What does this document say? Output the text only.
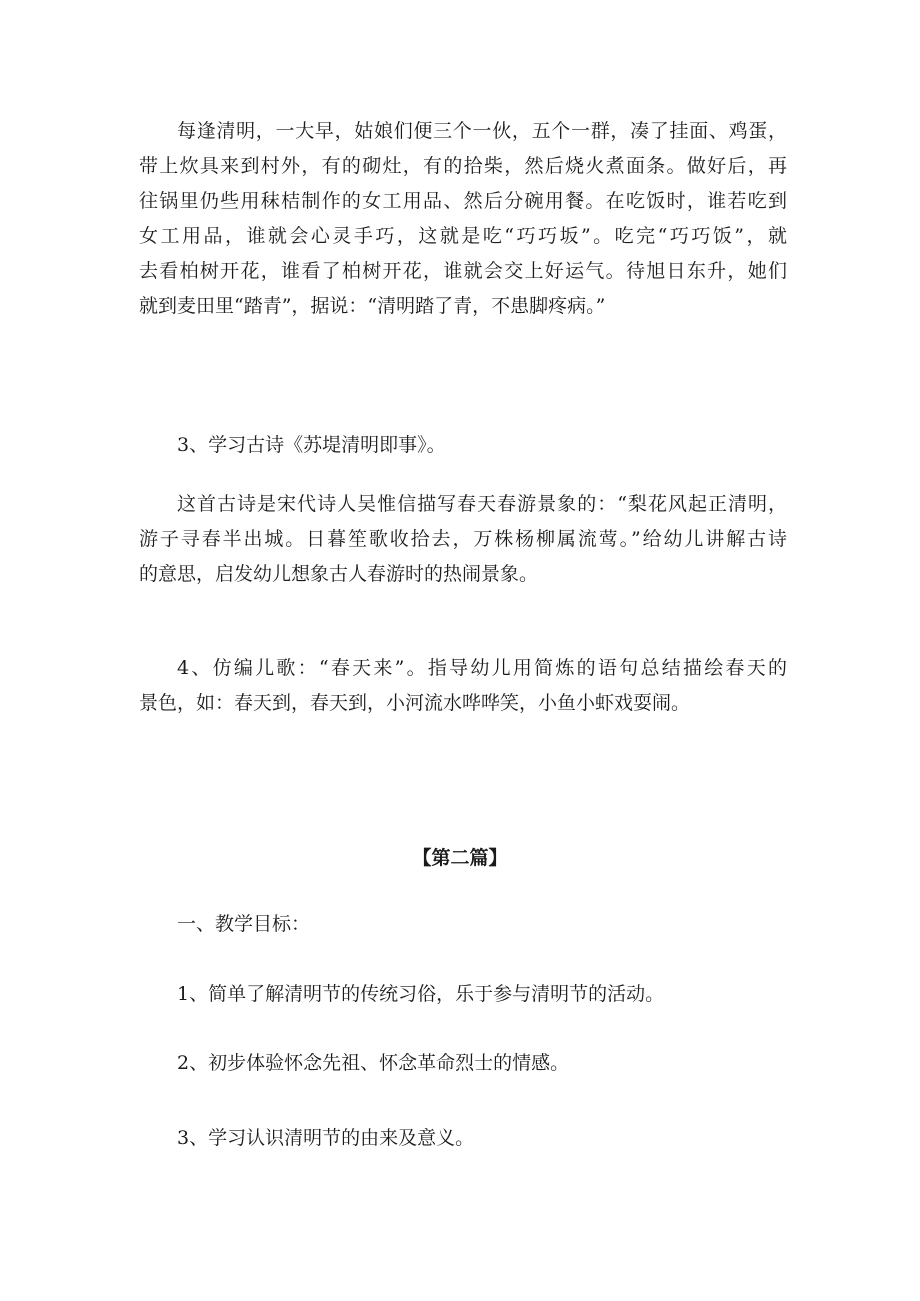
每逢清明，一大早，姑娘们便三个一伙，五个一群，凑了挂面、鸡蛋，
带上炊具来到村外，有的砌灶，有的拾柴，然后烧火煮面条。做好后，再
往锅里仍些用秣桔制作的女工用品、然后分碗用餐。在吃饭时，谁若吃到
女工用品，谁就会心灵手巧，这就是吃“巧巧坂”。吃完“巧巧饭”，就
去看柏树开花，谁看了柏树开花，谁就会交上好运气。待旭日东升，她们
就到麦田里“踏青”，据说：“清明踏了青，不患脚疼病。”

3、学习古诗《苏堤清明即事》。

这首古诗是宋代诗人吴惟信描写春天春游景象的：“梨花风起正清明，
游子寻春半出城。日暮笙歌收拾去，万株杨柳属流莺。”给幼儿讲解古诗
的意思，启发幼儿想象古人春游时的热闹景象。
4、仿编儿歌：“春天来”。指导幼儿用简炼的语句总结描绘春天的
景色，如：春天到，春天到，小河流水哗哗笑，小鱼小虾戏耍闹。

【第二篇】

一、教学目标：

1、简单了解清明节的传统习俗，乐于参与清明节的活动。

2、初步体验怀念先祖、怀念革命烈士的情感。

3、学习认识清明节的由来及意义。
